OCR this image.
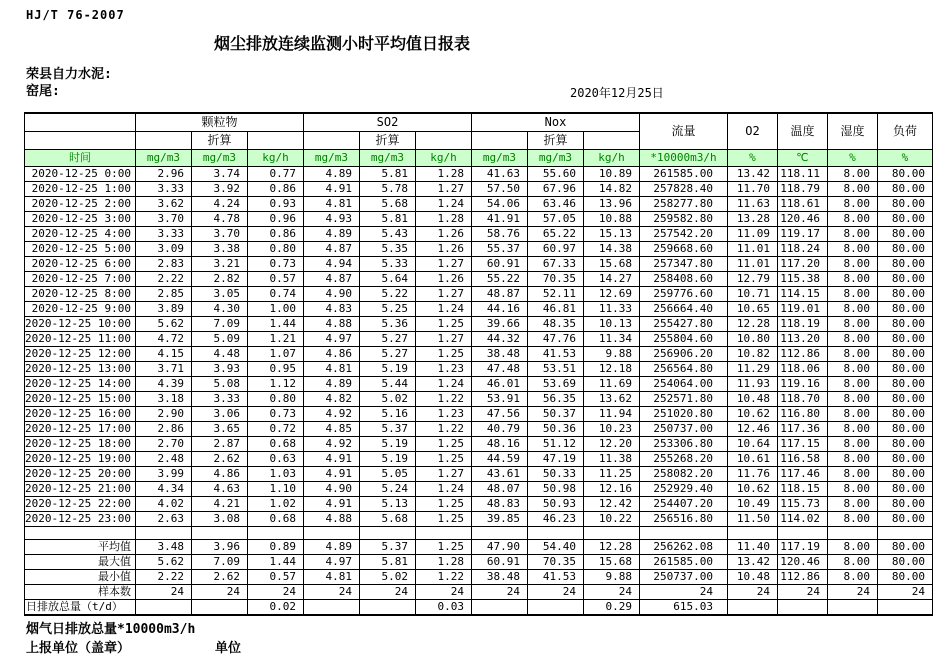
HJ/T 76-2007
烟尘排放连续监测小时平均值日报表
荣县自力水泥:
窑尾:	2020年12月25日
	颗粒物			SO2			Nox			流量	O2	温度	湿度	负荷
		折算			折算			折算						
时间	mg/m3	mg/m3	kg/h	mg/m3	mg/m3	kg/h	mg/m3	mg/m3	kg/h	*10000m3/h	%	℃	%	%
2020-12-25 0:00	2.96	3.74	0.77	4.89	5.81	1.28	41.63	55.60	10.89	261585.00	13.42	118.11	8.00	80.00
2020-12-25 1:00	3.33	3.92	0.86	4.91	5.78	1.27	57.50	67.96	14.82	257828.40	11.70	118.79	8.00	80.00
2020-12-25 2:00	3.62	4.24	0.93	4.81	5.68	1.24	54.06	63.46	13.96	258277.80	11.63	118.61	8.00	80.00
2020-12-25 3:00	3.70	4.78	0.96	4.93	5.81	1.28	41.91	57.05	10.88	259582.80	13.28	120.46	8.00	80.00
2020-12-25 4:00	3.33	3.70	0.86	4.89	5.43	1.26	58.76	65.22	15.13	257542.20	11.09	119.17	8.00	80.00
2020-12-25 5:00	3.09	3.38	0.80	4.87	5.35	1.26	55.37	60.97	14.38	259668.60	11.01	118.24	8.00	80.00
2020-12-25 6:00	2.83	3.21	0.73	4.94	5.33	1.27	60.91	67.33	15.68	257347.80	11.01	117.20	8.00	80.00
2020-12-25 7:00	2.22	2.82	0.57	4.87	5.64	1.26	55.22	70.35	14.27	258408.60	12.79	115.38	8.00	80.00
2020-12-25 8:00	2.85	3.05	0.74	4.90	5.22	1.27	48.87	52.11	12.69	259776.60	10.71	114.15	8.00	80.00
2020-12-25 9:00	3.89	4.30	1.00	4.83	5.25	1.24	44.16	46.81	11.33	256664.40	10.65	119.01	8.00	80.00
2020-12-25 10:00	5.62	7.09	1.44	4.88	5.36	1.25	39.66	48.35	10.13	255427.80	12.28	118.19	8.00	80.00
2020-12-25 11:00	4.72	5.09	1.21	4.97	5.27	1.27	44.32	47.76	11.34	255804.60	10.80	113.20	8.00	80.00
2020-12-25 12:00	4.15	4.48	1.07	4.86	5.27	1.25	38.48	41.53	9.88	256906.20	10.82	112.86	8.00	80.00
2020-12-25 13:00	3.71	3.93	0.95	4.81	5.19	1.23	47.48	53.51	12.18	256564.80	11.29	118.06	8.00	80.00
2020-12-25 14:00	4.39	5.08	1.12	4.89	5.44	1.24	46.01	53.69	11.69	254064.00	11.93	119.16	8.00	80.00
2020-12-25 15:00	3.18	3.33	0.80	4.82	5.02	1.22	53.91	56.35	13.62	252571.80	10.48	118.70	8.00	80.00
2020-12-25 16:00	2.90	3.06	0.73	4.92	5.16	1.23	47.56	50.37	11.94	251020.80	10.62	116.80	8.00	80.00
2020-12-25 17:00	2.86	3.65	0.72	4.85	5.37	1.22	40.79	50.36	10.23	250737.00	12.46	117.36	8.00	80.00
2020-12-25 18:00	2.70	2.87	0.68	4.92	5.19	1.25	48.16	51.12	12.20	253306.80	10.64	117.15	8.00	80.00
2020-12-25 19:00	2.48	2.62	0.63	4.91	5.19	1.25	44.59	47.19	11.38	255268.20	10.61	116.58	8.00	80.00
2020-12-25 20:00	3.99	4.86	1.03	4.91	5.05	1.27	43.61	50.33	11.25	258082.20	11.76	117.46	8.00	80.00
2020-12-25 21:00	4.34	4.63	1.10	4.90	5.24	1.24	48.07	50.98	12.16	252929.40	10.62	118.15	8.00	80.00
2020-12-25 22:00	4.02	4.21	1.02	4.91	5.13	1.25	48.83	50.93	12.42	254407.20	10.49	115.73	8.00	80.00
2020-12-25 23:00	2.63	3.08	0.68	4.88	5.68	1.25	39.85	46.23	10.22	256516.80	11.50	114.02	8.00	80.00

平均值	3.48	3.96	0.89	4.89	5.37	1.25	47.90	54.40	12.28	256262.08	11.40	117.19	8.00	80.00
最大值	5.62	7.09	1.44	4.97	5.81	1.28	60.91	70.35	15.68	261585.00	13.42	120.46	8.00	80.00
最小值	2.22	2.62	0.57	4.81	5.02	1.22	38.48	41.53	9.88	250737.00	10.48	112.86	8.00	80.00
样本数	24	24	24	24	24	24	24	24	24	24	24	24	24	24
日排放总量（t/d）			0.02			0.03			0.29	615.03				
烟气日排放总量*10000m3/h
上报单位（盖章）	单位
